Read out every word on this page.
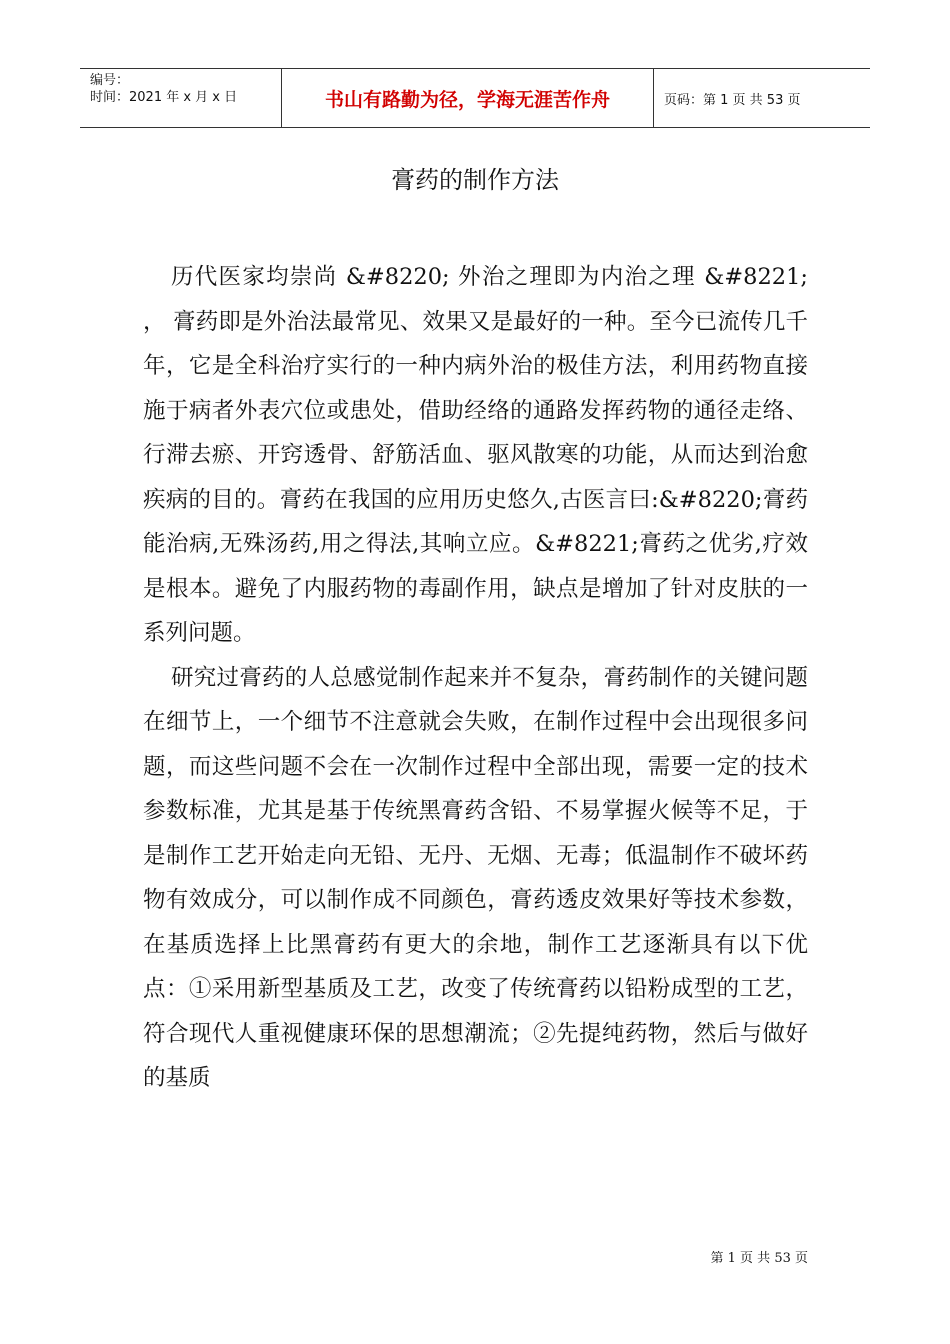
编号：
时间：2021 年 x 月 x 日	书山有路勤为径，学海无涯苦作舟	页码：第 1 页 共 53 页
膏药的制作方法

历代医家均崇尚 &#8220; 外治之理即为内治之理 &#8221; ， 膏药即是外治法最常见、效果又是最好的一种。至今已流传几千年，它是全科治疗实行的一种内病外治的极佳方法，利用药物直接施于病者外表穴位或患处，借助经络的通路发挥药物的通径走络、行滞去瘀、开窍透骨、舒筋活血、驱风散寒的功能，从而达到治愈疾病的目的。膏药在我国的应用历史悠久,古医言曰:&#8220;膏药能治病,无殊汤药,用之得法,其响立应。&#8221;膏药之优劣,疗效是根本。避免了内服药物的毒副作用，缺点是增加了针对皮肤的一系列问题。

研究过膏药的人总感觉制作起来并不复杂，膏药制作的关键问题在细节上，一个细节不注意就会失败，在制作过程中会出现很多问题，而这些问题不会在一次制作过程中全部出现，需要一定的技术参数标准，尤其是基于传统黑膏药含铅、不易掌握火候等不足，于是制作工艺开始走向无铅、无丹、无烟、无毒；低温制作不破坏药物有效成分，可以制作成不同颜色，膏药透皮效果好等技术参数，在基质选择上比黑膏药有更大的余地，制作工艺逐渐具有以下优点：①采用新型基质及工艺，改变了传统膏药以铅粉成型的工艺，符合现代人重视健康环保的思想潮流；②先提纯药物，然后与做好的基质

第 1 页 共 53 页
